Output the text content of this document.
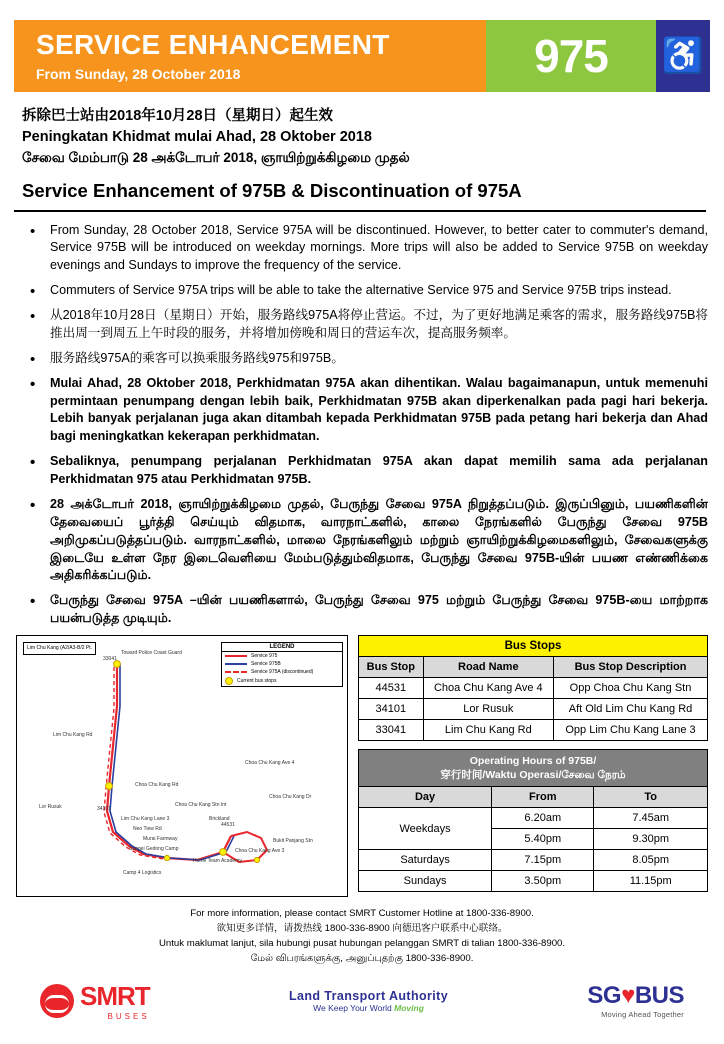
SERVICE ENHANCEMENT
From Sunday, 28 October 2018	975	♿
拆除巴士站由2018年10月28日（星期日）起生效
Peningkatan Khidmat mulai Ahad, 28 Oktober 2018
சேவை மேம்பாடு 28 அக்டோபர் 2018, ஞாயிற்றுக்கிழமை முதல்
Service Enhancement of 975B & Discontinuation of 975A
• From Sunday, 28 October 2018, Service 975A will be discontinued. However, to better cater to commuter's demand, Service 975B will be introduced on weekday mornings. More trips will also be added to Service 975B on weekday evenings and Sundays to improve the frequency of the service.
• Commuters of Service 975A trips will be able to take the alternative Service 975 and Service 975B trips instead.
• 从2018年10月28日（星期日）开始，服务路线975A将停止营运。不过，为了更好地满足乘客的需求，服务路线975B将推出周一到周五上午时段的服务，并将增加傍晚和周日的营运车次，提高服务频率。
• 服务路线975A的乘客可以换乘服务路线975和975B。
• Mulai Ahad, 28 Oktober 2018, Perkhidmatan 975A akan dihentikan. Walau bagaimanapun, untuk memenuhi permintaan penumpang dengan lebih baik, Perkhidmatan 975B akan diperkenalkan pada pagi hari bekerja. Lebih banyak perjalanan juga akan ditambah kepada Perkhidmatan 975B pada petang hari bekerja dan Ahad bagi meningkatkan kekerapan perkhidmatan.
• Sebaliknya, penumpang perjalanan Perkhidmatan 975A akan dapat memilih sama ada perjalanan Perkhidmatan 975 atau Perkhidmatan 975B.
• 28 அக்டோபர் 2018, ஞாயிற்றுக்கிழமை முதல், பேருந்து சேவை 975A நிறுத்தப்படும். இருப்பினும், பயணிகளின் தேவையைப் பூர்த்தி செய்யும் விதமாக, வாரநாட்களில், காலை நேரங்களில் பேருந்து சேவை 975B அறிமுகப்படுத்தப்படும். வாரநாட்களில், மாலை நேரங்களிலும் மற்றும் ஞாயிற்றுக்கிழமைகளிலும், சேவைகளுக்கு இடையே உள்ள நேர இடைவெளியை மேம்படுத்தும்விதமாக, பேருந்து சேவை 975B-யின் பயண எண்ணிக்கை அதிகரிக்கப்படும்.
• பேருந்து சேவை 975A –யின் பயணிகளால், பேருந்து சேவை 975 மற்றும் பேருந்து சேவை 975B-யை மாற்றாக பயன்படுத்த முடியும்.
Lim Chu Kang (A2/A3-B/2 Pt.	LEGEND
Service 975
Service 975B
Service 975A (discontinued)
Current bus stops
Toward Police Coast Guard
33041
Lim Chu Kang Rd
Choa Chu Kang Rd
Choa Chu Kang Ave 4
Choa Chu Kang Stn Int
Choa Chu Kang Dr
34101
44531
Lor Rusuk
Lim Chu Kang Lane 3	Brickland
Neo Tiew Rd
Murai Farmway
Sungei Gedong Camp	Choa Chu Kang Ave 3
Bukit Panjang Stn
Home Team Academy
Camp 4 Logistics
Bus Stops		
Bus Stop	Road Name	Bus Stop Description
44531	Choa Chu Kang Ave 4	Opp Choa Chu Kang Stn
34101	Lor Rusuk	Aft Old Lim Chu Kang Rd
33041	Lim Chu Kang Rd	Opp Lim Chu Kang Lane 3
Operating Hours of 975B/
穿行时间/Waktu Operasi/சேவை நேரம்		
Day	From	To
Weekdays	6.20am	7.45am
	5.40pm	9.30pm
Saturdays	7.15pm	8.05pm
Sundays	3.50pm	11.15pm
For more information, please contact SMRT Customer Hotline at 1800-336-8900.
欲知更多详情，请拨热线 1800-336-8900 向德迅客户联系中心联络。
Untuk maklumat lanjut, sila hubungi pusat hubungan pelanggan SMRT di talian 1800-336-8900.
மேல் விபரங்களுக்கு, அனுப்புதற்கு 1800-336-8900.
SMRT
BUSES
Land Transport Authority
We Keep Your World Moving	SG♥BUS
Moving Ahead Together
